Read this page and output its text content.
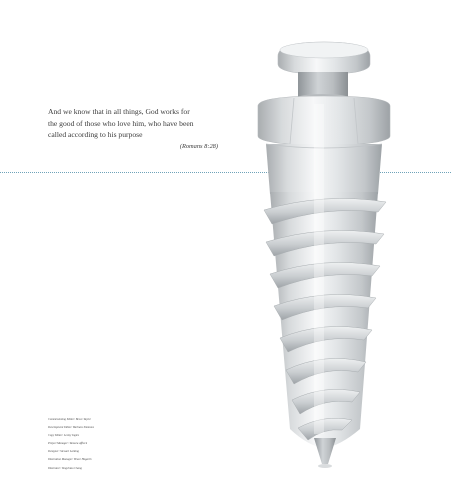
And we know that in all things, God works for
the good of those who love him, who have been
called according to his purpose
(Romans 8:28)
Commissioning Editor: Bruce Taylor
Development Editor: Barbara Simmons
Copy Editor: Lesley Ingles
Project Manager: Tamara Affleck
Designer: Stewart Larking
Illustration Manager: Bruce Hogarth
Illustrator: Tengchiao Chang
